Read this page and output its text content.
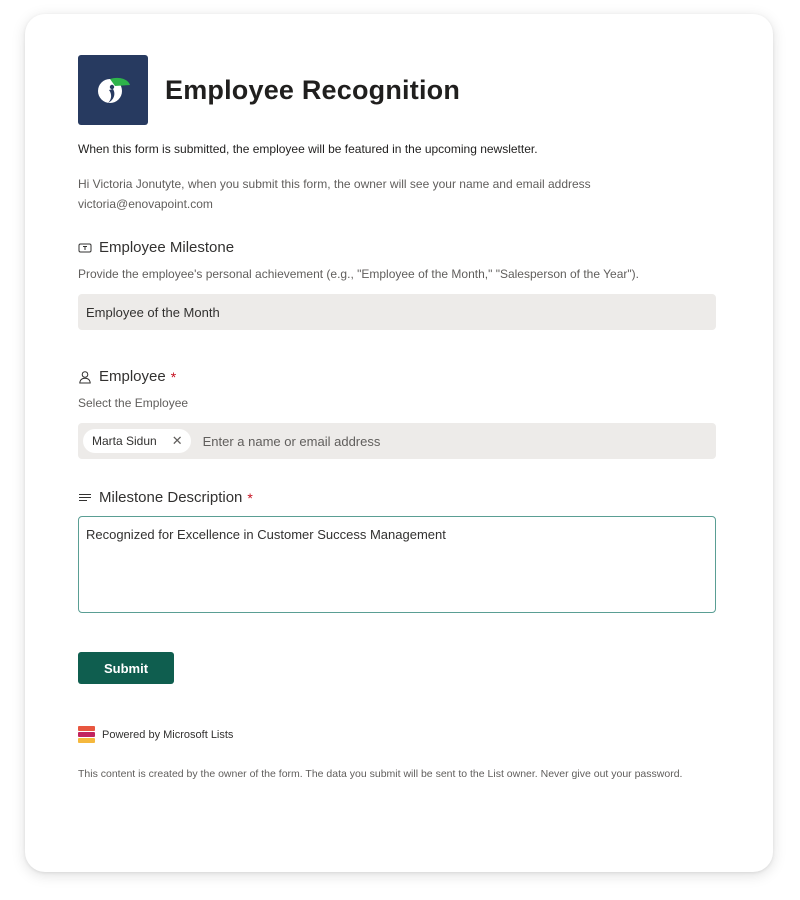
Employee Recognition
When this form is submitted, the employee will be featured in the upcoming newsletter.
Hi Victoria Jonutyte, when you submit this form, the owner will see your name and email address
victoria@enovapoint.com
Employee Milestone
Provide the employee's personal achievement (e.g., "Employee of the Month," "Salesperson of the Year").
Employee of the Month
Employee *
Select the Employee
Marta Sidun ✕
Enter a name or email address
Milestone Description *
Recognized for Excellence in Customer Success Management
Submit
Powered by Microsoft Lists
This content is created by the owner of the form. The data you submit will be sent to the List owner. Never give out your password.
